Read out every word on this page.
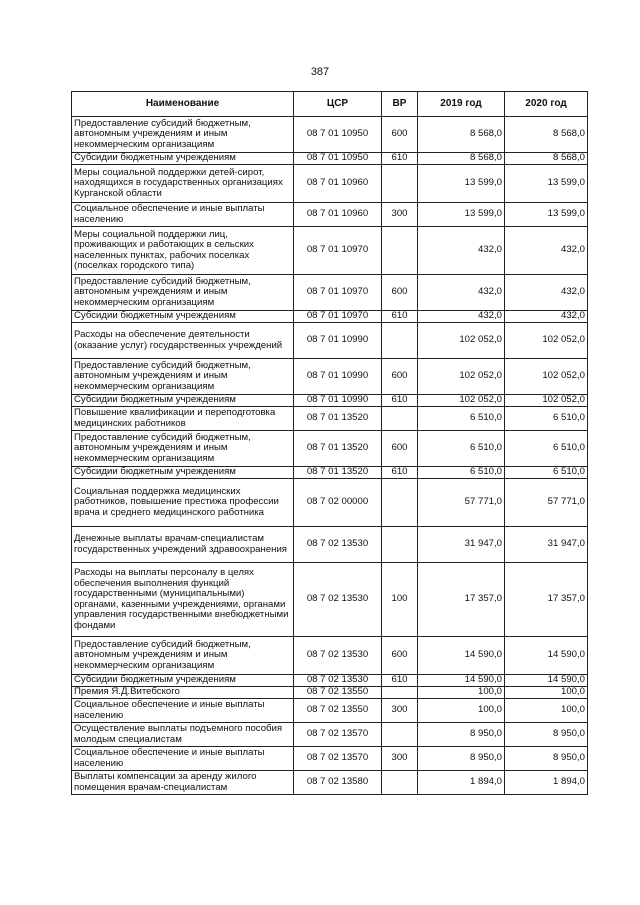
387
Наименование	ЦСР	ВР	2019 год	2020 год
Предоставление субсидий бюджетным, автономным учреждениям и иным некоммерческим организациям	08 7 01 10950	600	8 568,0	8 568,0
Субсидии бюджетным учреждениям	08 7 01 10950	610	8 568,0	8 568,0
Меры социальной поддержки детей-сирот, находящихся в государственных организациях Курганской области	08 7 01 10960		13 599,0	13 599,0
Социальное обеспечение и иные выплаты населению	08 7 01 10960	300	13 599,0	13 599,0
Меры социальной поддержки лиц, проживающих и работающих в сельских населенных пунктах, рабочих поселках (поселках городского типа)	08 7 01 10970		432,0	432,0
Предоставление субсидий бюджетным, автономным учреждениям и иным некоммерческим организациям	08 7 01 10970	600	432,0	432,0
Субсидии бюджетным учреждениям	08 7 01 10970	610	432,0	432,0
Расходы на обеспечение деятельности (оказание услуг) государственных учреждений	08 7 01 10990		102 052,0	102 052,0
Предоставление субсидий бюджетным, автономным учреждениям и иным некоммерческим организациям	08 7 01 10990	600	102 052,0	102 052,0
Субсидии бюджетным учреждениям	08 7 01 10990	610	102 052,0	102 052,0
Повышение квалификации и переподготовка медицинских работников	08 7 01 13520		6 510,0	6 510,0
Предоставление субсидий бюджетным, автономным учреждениям и иным некоммерческим организациям	08 7 01 13520	600	6 510,0	6 510,0
Субсидии бюджетным учреждениям	08 7 01 13520	610	6 510,0	6 510,0
Социальная поддержка медицинских работников, повышение престижа профессии врача и среднего медицинского работника	08 7 02 00000		57 771,0	57 771,0
Денежные выплаты врачам-специалистам государственных учреждений здравоохранения	08 7 02 13530		31 947,0	31 947,0
Расходы на выплаты персоналу в целях обеспечения выполнения функций государственными (муниципальными) органами, казенными учреждениями, органами управления государственными внебюджетными фондами	08 7 02 13530	100	17 357,0	17 357,0
Предоставление субсидий бюджетным, автономным учреждениям и иным некоммерческим организациям	08 7 02 13530	600	14 590,0	14 590,0
Субсидии бюджетным учреждениям	08 7 02 13530	610	14 590,0	14 590,0
Премия Я.Д.Витебского	08 7 02 13550		100,0	100,0
Социальное обеспечение и иные выплаты населению	08 7 02 13550	300	100,0	100,0
Осуществление выплаты подъемного пособия молодым специалистам	08 7 02 13570		8 950,0	8 950,0
Социальное обеспечение и иные выплаты населению	08 7 02 13570	300	8 950,0	8 950,0
Выплаты компенсации за аренду жилого помещения врачам-специалистам	08 7 02 13580		1 894,0	1 894,0
